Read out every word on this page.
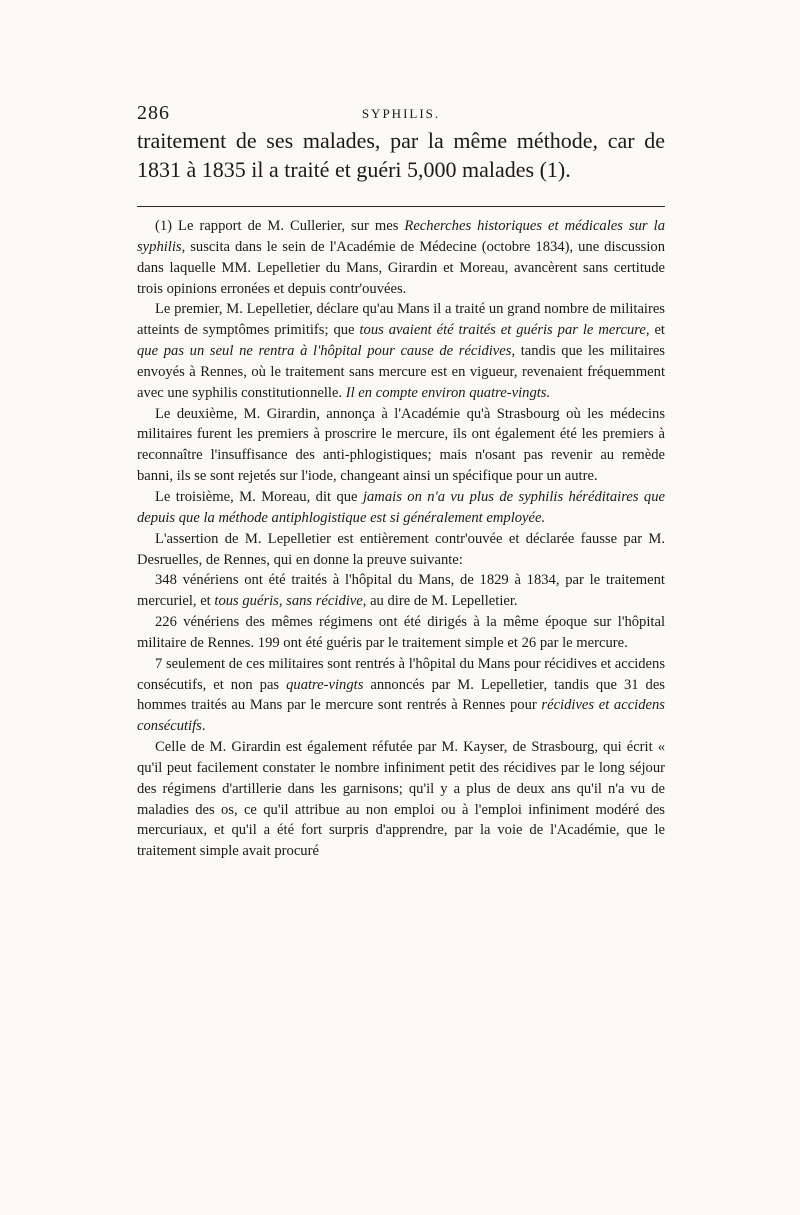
286	SYPHILIS.
traitement de ses malades, par la même méthode, car de
1831 à 1835 il a traité et guéri 5,000 malades (1).

(1) Le rapport de M. Cullerier, sur mes Recherches historiques et médicales sur la syphilis, suscita dans le sein de l'Académie de Médecine (octobre 1834), une discussion dans laquelle MM. Lepelletier du Mans, Girardin et Moreau, avancèrent sans certitude trois opinions erronées et depuis contr'ouvées.

Le premier, M. Lepelletier, déclare qu'au Mans il a traité un grand nombre de militaires atteints de symptômes primitifs; que tous avaient été traités et guéris par le mercure, et que pas un seul ne rentra à l'hôpital pour cause de récidives, tandis que les militaires envoyés à Rennes, où le traitement sans mercure est en vigueur, revenaient fréquemment avec une syphilis constitutionnelle. Il en compte environ quatre-vingts.

Le deuxième, M. Girardin, annonça à l'Académie qu'à Strasbourg où les médecins militaires furent les premiers à proscrire le mercure, ils ont également été les premiers à reconnaître l'insuffisance des anti-phlogistiques; mais n'osant pas revenir au remède banni, ils se sont rejetés sur l'iode, changeant ainsi un spécifique pour un autre.

Le troisième, M. Moreau, dit que jamais on n'a vu plus de syphilis héréditaires que depuis que la méthode antiphlogistique est si généralement employée.

L'assertion de M. Lepelletier est entièrement contr'ouvée et déclarée fausse par M. Desruelles, de Rennes, qui en donne la preuve suivante:

348 vénériens ont été traités à l'hôpital du Mans, de 1829 à 1834, par le traitement mercuriel, et tous guéris, sans récidive, au dire de M. Lepelletier.

226 vénériens des mêmes régimens ont été dirigés à la même époque sur l'hôpital militaire de Rennes. 199 ont été guéris par le traitement simple et 26 par le mercure.

7 seulement de ces militaires sont rentrés à l'hôpital du Mans pour récidives et accidens consécutifs, et non pas quatre-vingts annoncés par M. Lepelletier, tandis que 31 des hommes traités au Mans par le mercure sont rentrés à Rennes pour récidives et accidens consécutifs.

Celle de M. Girardin est également réfutée par M. Kayser, de Strasbourg, qui écrit « qu'il peut facilement constater le nombre infiniment petit des récidives par le long séjour des régimens d'artillerie dans les garnisons; qu'il y a plus de deux ans qu'il n'a vu de maladies des os, ce qu'il attribue au non emploi ou à l'emploi infiniment modéré des mercuriaux, et qu'il a été fort surpris d'apprendre, par la voie de l'Académie, que le traitement simple avait procuré
